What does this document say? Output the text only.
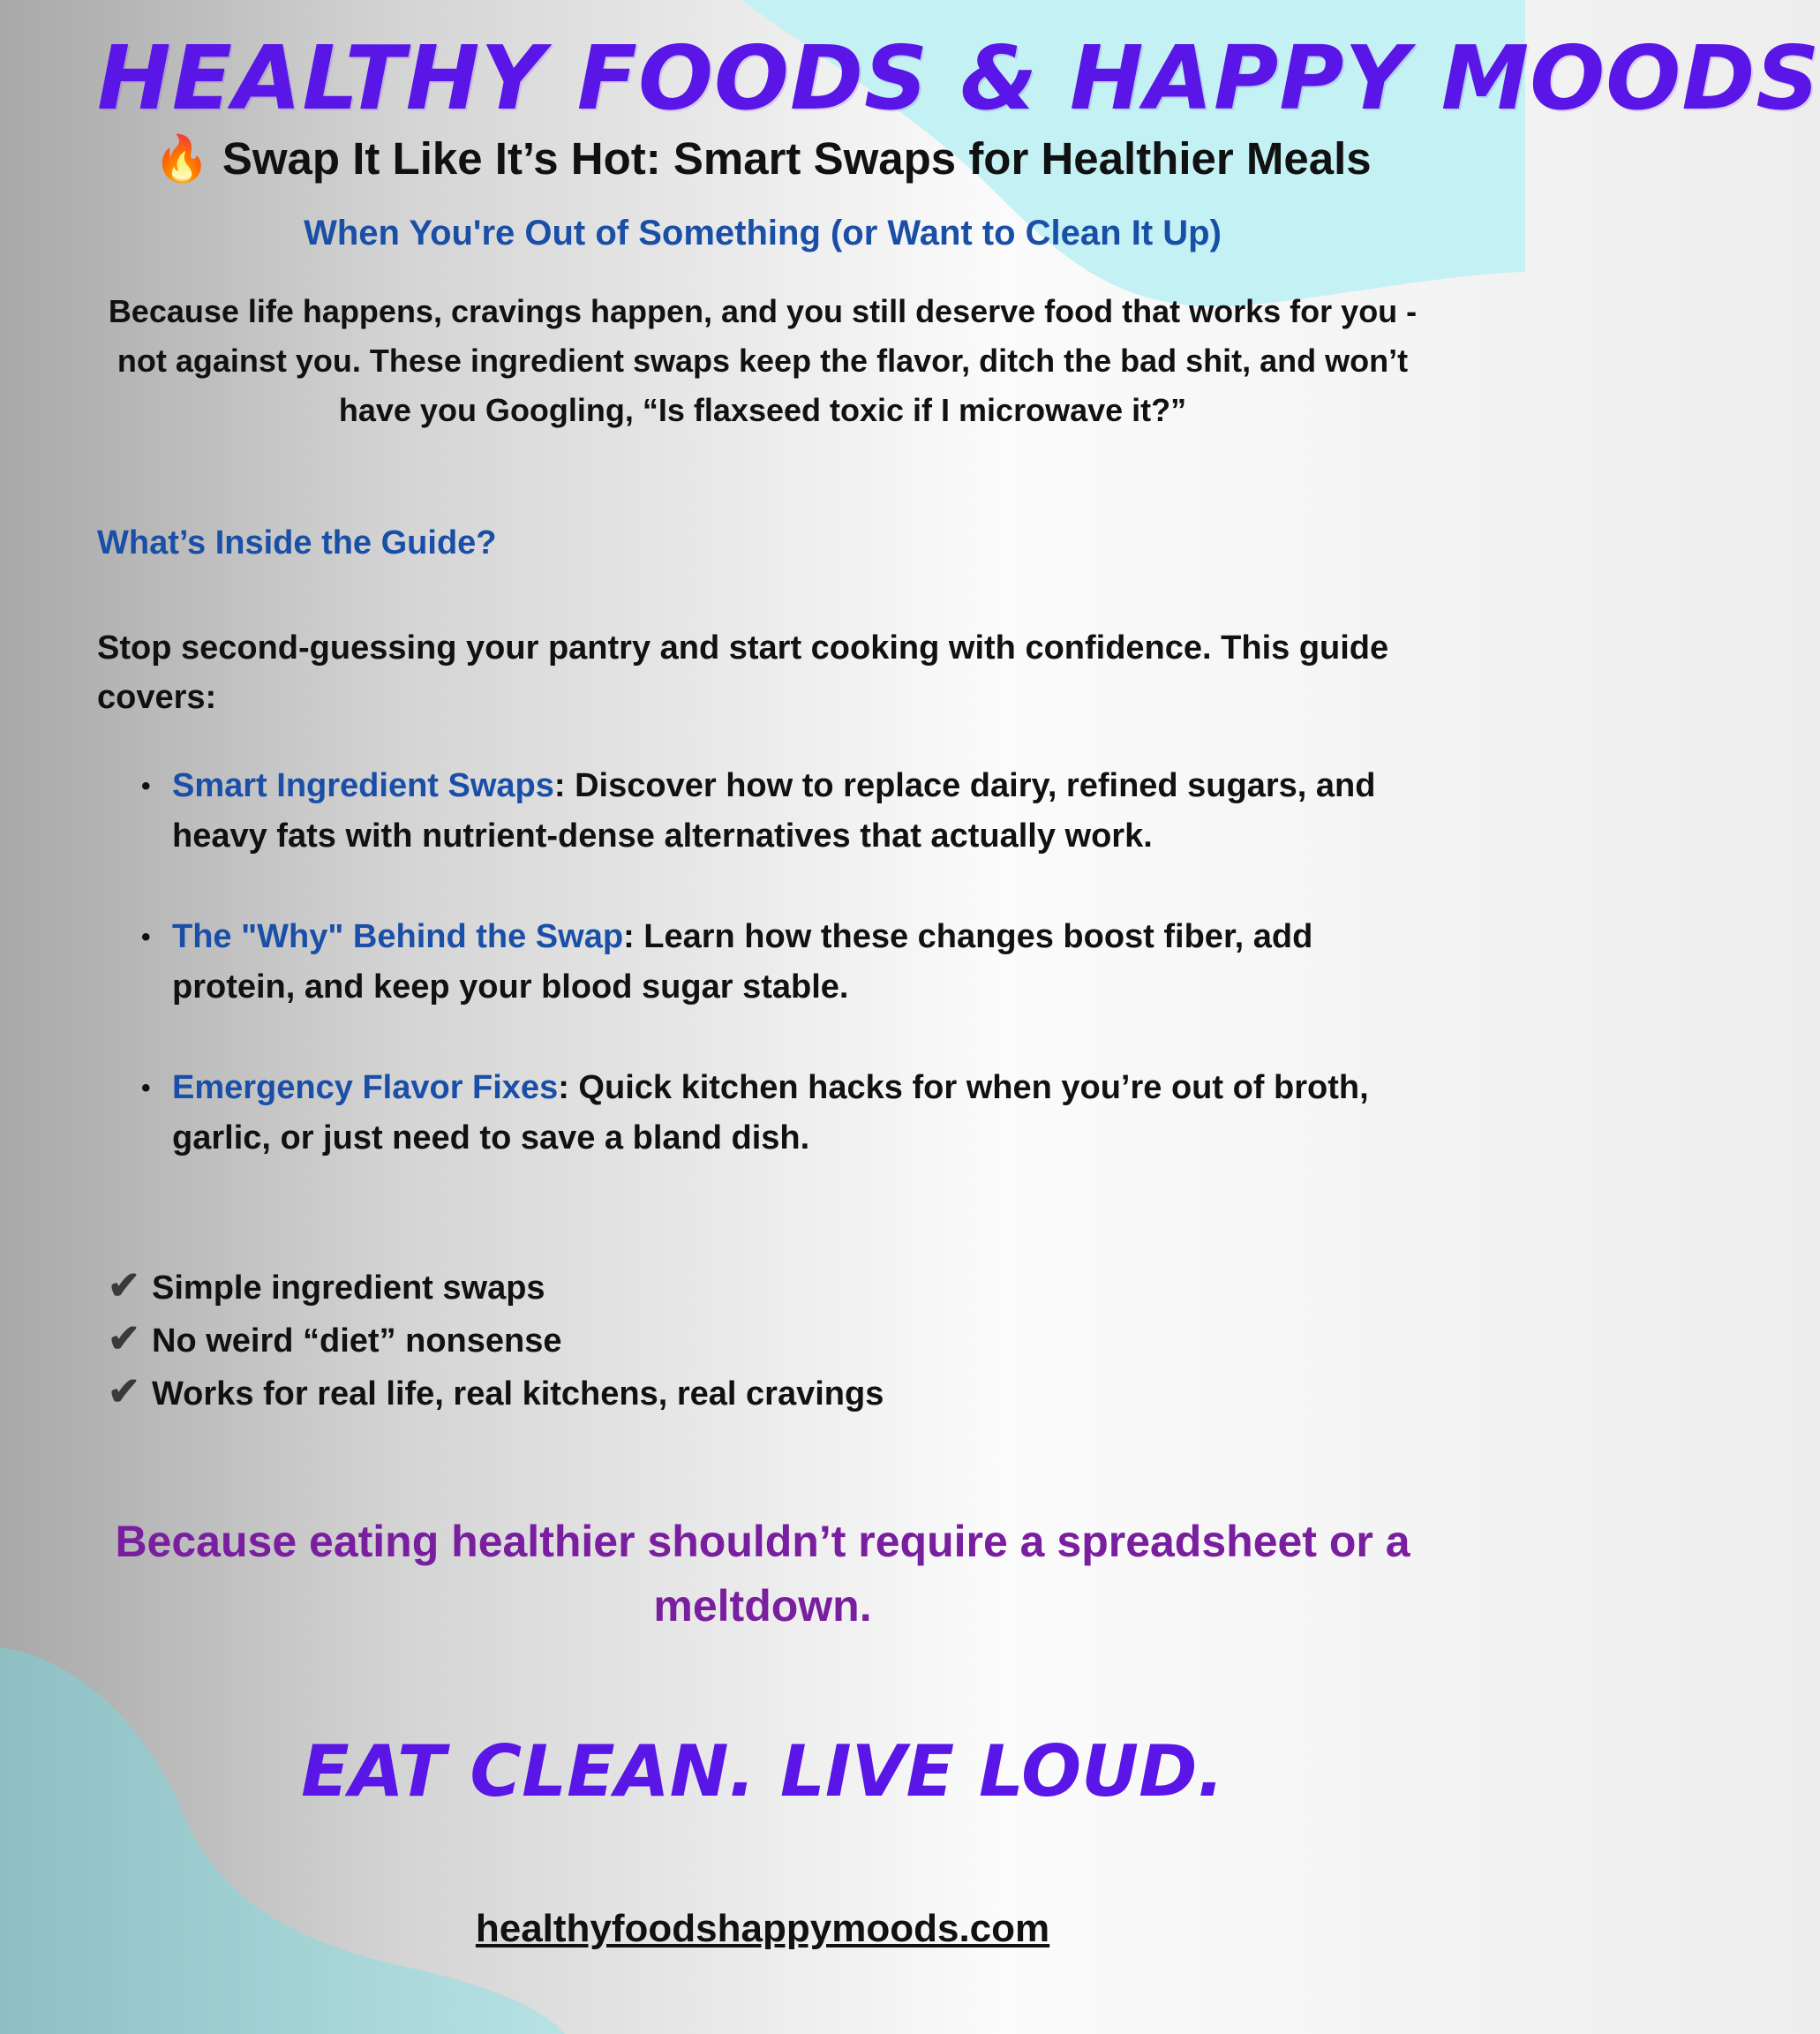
HEALTHY FOODS & HAPPY MOODS
🔥 Swap It Like It’s Hot: Smart Swaps for Healthier Meals
When You're Out of Something (or Want to Clean It Up)

Because life happens, cravings happen, and you still deserve food that works for you - not against you. These ingredient swaps keep the flavor, ditch the bad shit, and won’t have you Googling, “Is flaxseed toxic if I microwave it?”

What’s Inside the Guide?

Stop second-guessing your pantry and start cooking with confidence. This guide covers:

• Smart Ingredient Swaps: Discover how to replace dairy, refined sugars, and heavy fats with nutrient-dense alternatives that actually work.
• The "Why" Behind the Swap: Learn how these changes boost fiber, add protein, and keep your blood sugar stable.
• Emergency Flavor Fixes: Quick kitchen hacks for when you’re out of broth, garlic, or just need to save a bland dish.
✔ Simple ingredient swaps
✔ No weird “diet” nonsense
✔ Works for real life, real kitchens, real cravings

Because eating healthier shouldn’t require a spreadsheet or a meltdown.

EAT CLEAN. LIVE LOUD.

healthyfoodshappymoods.com
